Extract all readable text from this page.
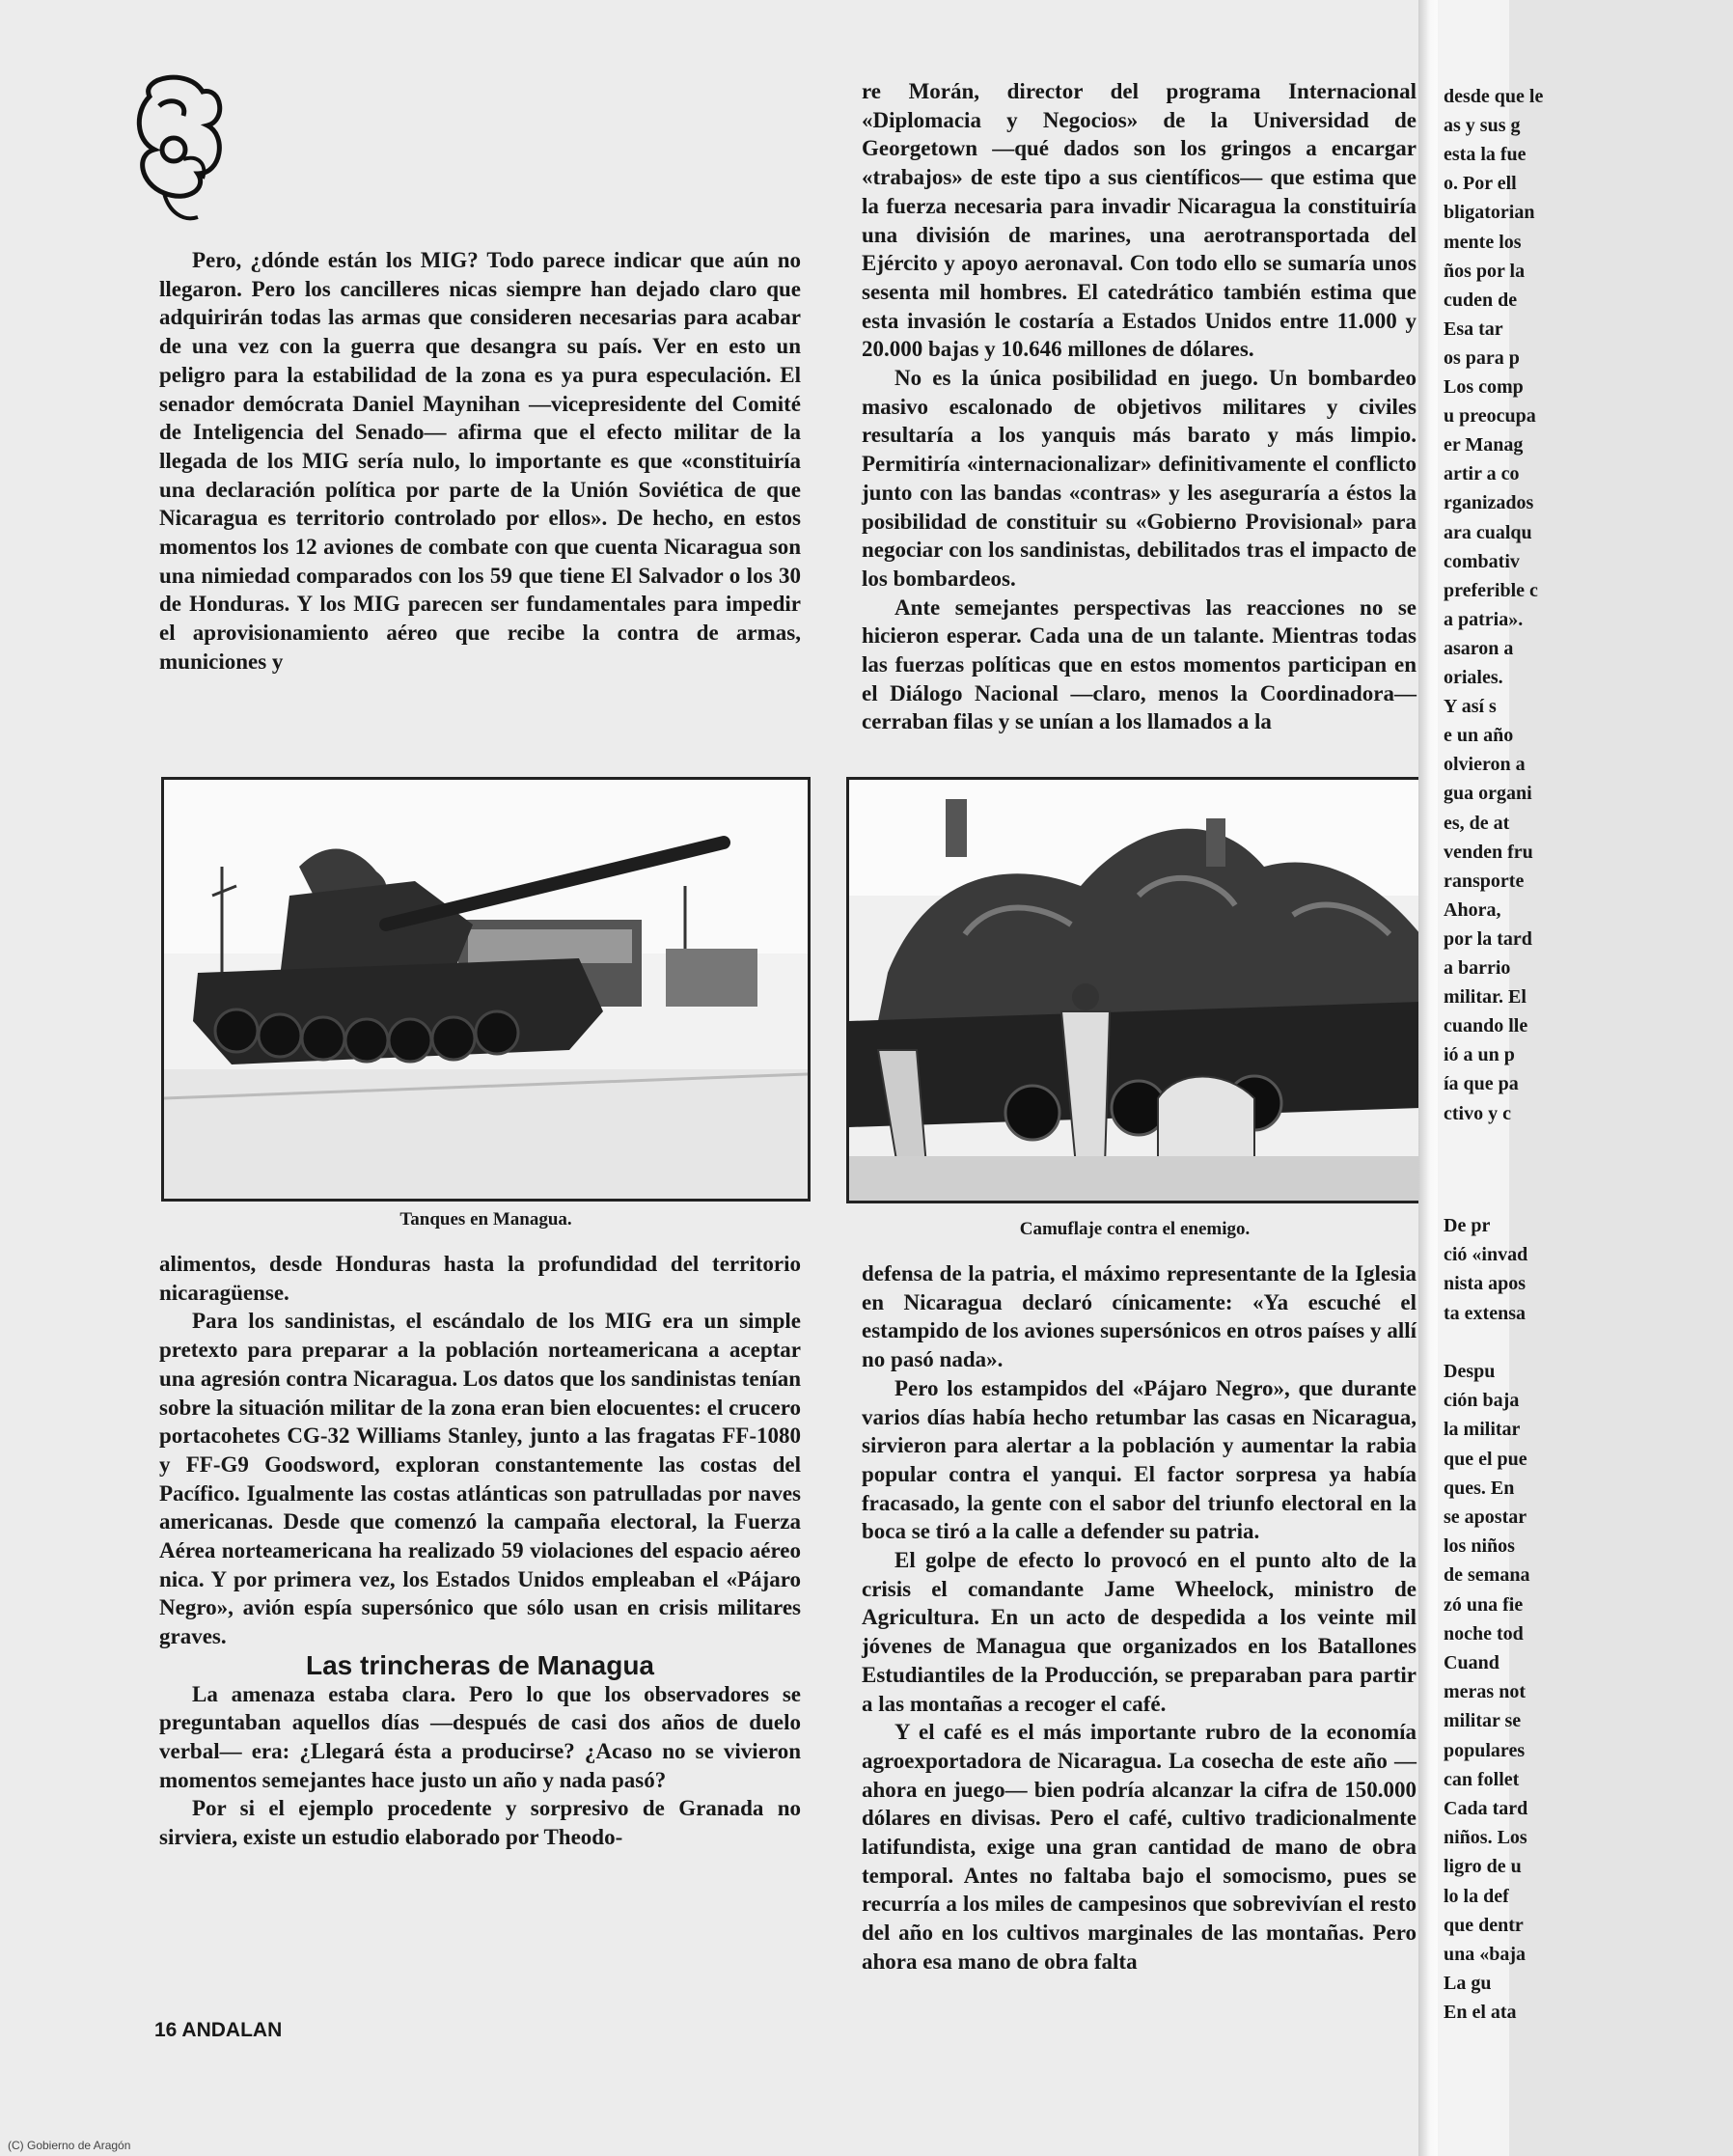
Pero, ¿dónde están los MIG? Todo parece indicar que aún no llegaron. Pero los cancilleres nicas siempre han dejado claro que adquirirán todas las armas que consideren necesarias para acabar de una vez con la guerra que desangra su país. Ver en esto un peligro para la estabilidad de la zona es ya pura especulación. El senador demócrata Daniel Maynihan —vicepresidente del Comité de Inteligencia del Senado— afirma que el efecto militar de la llegada de los MIG sería nulo, lo importante es que «constituiría una declaración política por parte de la Unión Soviética de que Nicaragua es territorio controlado por ellos». De hecho, en estos momentos los 12 aviones de combate con que cuenta Nicaragua son una nimiedad comparados con los 59 que tiene El Salvador o los 30 de Honduras. Y los MIG parecen ser fundamentales para impedir el aprovisionamiento aéreo que recibe la contra de armas, municiones y

re Morán, director del programa Internacional «Diplomacia y Negocios» de la Universidad de Georgetown —qué dados son los gringos a encargar «trabajos» de este tipo a sus científicos— que estima que la fuerza necesaria para invadir Nicaragua la constituiría una división de marines, una aerotransportada del Ejército y apoyo aeronaval. Con todo ello se sumaría unos sesenta mil hombres. El catedrático también estima que esta invasión le costaría a Estados Unidos entre 11.000 y 20.000 bajas y 10.646 millones de dólares.

No es la única posibilidad en juego. Un bombardeo masivo escalonado de objetivos militares y civiles resultaría a los yanquis más barato y más limpio. Permitiría «internacionalizar» definitivamente el conflicto junto con las bandas «contras» y les aseguraría a éstos la posibilidad de constituir su «Gobierno Provisional» para negociar con los sandinistas, debilitados tras el impacto de los bombardeos.

Ante semejantes perspectivas las reacciones no se hicieron esperar. Cada una de un talante. Mientras todas las fuerzas políticas que en estos momentos participan en el Diálogo Nacional —claro, menos la Coordinadora— cerraban filas y se unían a los llamados a la

Tanques en Managua.	Camuflaje contra el enemigo.

alimentos, desde Honduras hasta la profundidad del territorio nicaragüense.

Para los sandinistas, el escándalo de los MIG era un simple pretexto para preparar a la población norteamericana a aceptar una agresión contra Nicaragua. Los datos que los sandinistas tenían sobre la situación militar de la zona eran bien elocuentes: el crucero portacohetes CG-32 Williams Stanley, junto a las fragatas FF-1080 y FF-G9 Goodsword, exploran constantemente las costas del Pacífico. Igualmente las costas atlánticas son patrulladas por naves americanas. Desde que comenzó la campaña electoral, la Fuerza Aérea norteamericana ha realizado 59 violaciones del espacio aéreo nica. Y por primera vez, los Estados Unidos empleaban el «Pájaro Negro», avión espía supersónico que sólo usan en crisis militares graves.

Las trincheras de Managua

La amenaza estaba clara. Pero lo que los observadores se preguntaban aquellos días —después de casi dos años de duelo verbal— era: ¿Llegará ésta a producirse? ¿Acaso no se vivieron momentos semejantes hace justo un año y nada pasó?

Por si el ejemplo procedente y sorpresivo de Granada no sirviera, existe un estudio elaborado por Theodo-

defensa de la patria, el máximo representante de la Iglesia en Nicaragua declaró cínicamente: «Ya escuché el estampido de los aviones supersónicos en otros países y allí no pasó nada».

Pero los estampidos del «Pájaro Negro», que durante varios días había hecho retumbar las casas en Nicaragua, sirvieron para alertar a la población y aumentar la rabia popular contra el yanqui. El factor sorpresa ya había fracasado, la gente con el sabor del triunfo electoral en la boca se tiró a la calle a defender su patria.

El golpe de efecto lo provocó en el punto alto de la crisis el comandante Jame Wheelock, ministro de Agricultura. En un acto de despedida a los veinte mil jóvenes de Managua que organizados en los Batallones Estudiantiles de la Producción, se preparaban para partir a las montañas a recoger el café.

Y el café es el más importante rubro de la economía agroexportadora de Nicaragua. La cosecha de este año —ahora en juego— bien podría alcanzar la cifra de 150.000 dólares en divisas. Pero el café, cultivo tradicionalmente latifundista, exige una gran cantidad de mano de obra temporal. Antes no faltaba bajo el somocismo, pues se recurría a los miles de campesinos que sobrevivían el resto del año en los cultivos marginales de las montañas. Pero ahora esa mano de obra falta

16 ANDALAN
desde que le
as y sus g
esta la fue
o. Por ell
bligatorian
mente los
ños por la
cuden de
Esa tar
os para p
Los comp
u preocupa
er Manag
artir a co
rganizados
ara cualqu
combativ
preferible c
a patria».
asaron a
oriales.
Y así s
e un año
olvieron a
gua organi
es, de at
venden fru
ransporte
Ahora,
por la tard
a barrio
militar. El
cuando lle
ió a un p
ía que pa
ctivo y c
De pr
ció «invad
nista apos
ta extensa
Despu
ción baja
la militar
que el pue
ques. En
se apostar
los niños
de semana
zó una fie
noche tod
Cuand
meras not
militar se
populares
can follet
Cada tard
niños. Los
ligro de u
lo la def
que dentr
una «baja
La gu
En el ata
(C) Gobierno de Aragón
